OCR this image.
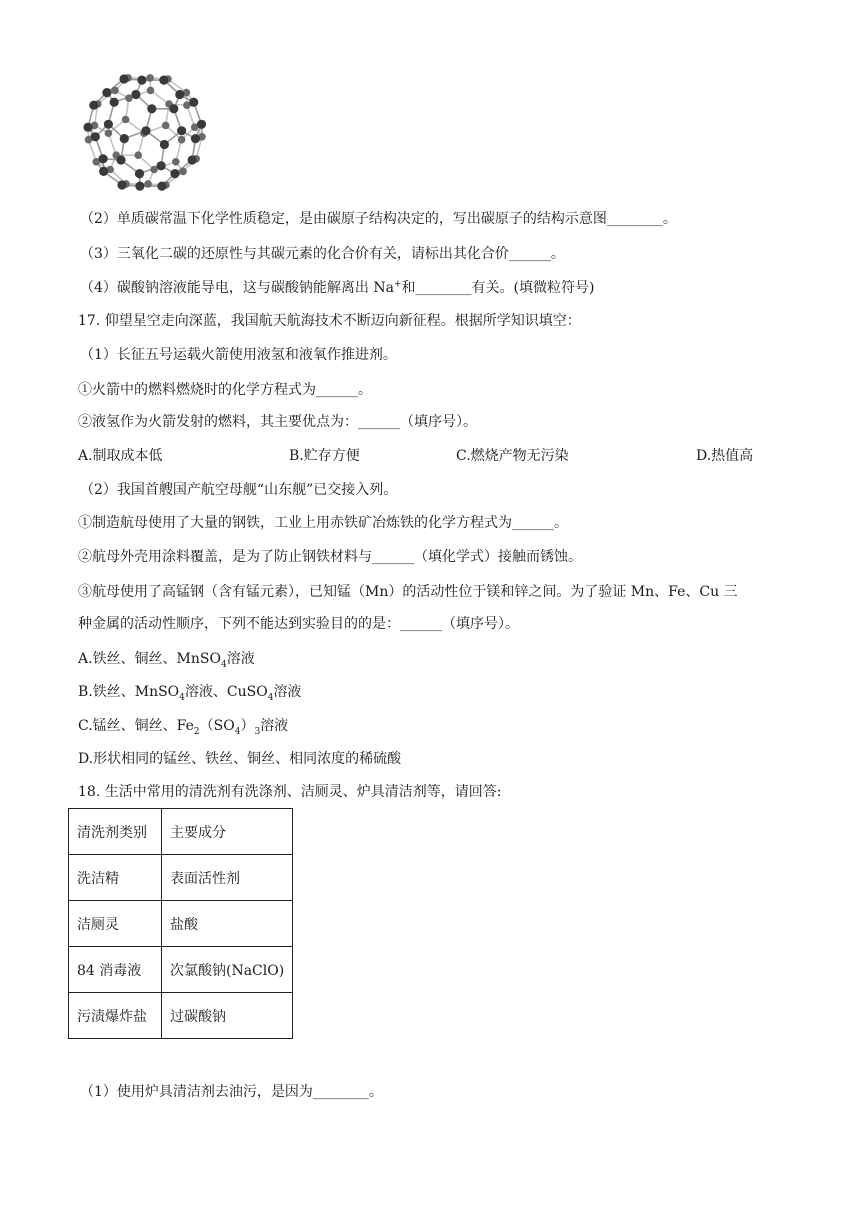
（2）单质碳常温下化学性质稳定，是由碳原子结构决定的，写出碳原子的结构示意图________。
（3）三氧化二碳的还原性与其碳元素的化合价有关，请标出其化合价______。
（4）碳酸钠溶液能导电，这与碳酸钠能解离出 Na+和________有关。(填微粒符号)
17. 仰望星空走向深蓝，我国航天航海技术不断迈向新征程。根据所学知识填空：
（1）长征五号运载火箭使用液氢和液氧作推进剂。
①火箭中的燃料燃烧时的化学方程式为______。
②液氢作为火箭发射的燃料，其主要优点为：______（填序号）。
A.制取成本低	B.贮存方便	C.燃烧产物无污染	D.热值高
（2）我国首艘国产航空母舰“山东舰”已交接入列。
①制造航母使用了大量的钢铁，工业上用赤铁矿冶炼铁的化学方程式为______。
②航母外壳用涂料覆盖，是为了防止钢铁材料与______（填化学式）接触而锈蚀。
③航母使用了高锰钢（含有锰元素），已知锰（Mn）的活动性位于镁和锌之间。为了验证 Mn、Fe、Cu 三
种金属的活动性顺序，下列不能达到实验目的的是：______（填序号）。
A.铁丝、铜丝、MnSO$_4$溶液
B.铁丝、MnSO$_4$溶液、CuSO$_4$溶液
C.锰丝、铜丝、$Fe_2(SO_4)_3$溶液
D.形状相同的锰丝、铁丝、铜丝、相同浓度的稀硫酸
18. 生活中常用的清洗剂有洗涤剂、洁厕灵、炉具清洁剂等，请回答:
清洗剂类别	主要成分
洗洁精	表面活性剂
洁厕灵	盐酸
84 消毒液	次氯酸钠(NaClO)
污渍爆炸盐	过碳酸钠
（1）使用炉具清洁剂去油污，是因为________。
